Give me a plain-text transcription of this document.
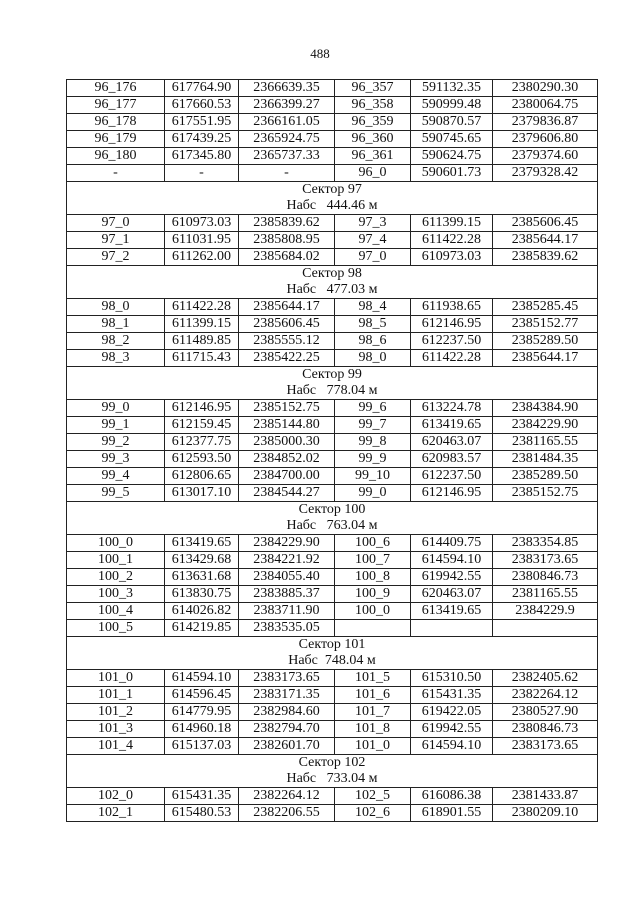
488
96_176	617764.90	2366639.35	96_357	591132.35	2380290.30
96_177	617660.53	2366399.27	96_358	590999.48	2380064.75
96_178	617551.95	2366161.05	96_359	590870.57	2379836.87
96_179	617439.25	2365924.75	96_360	590745.65	2379606.80
96_180	617345.80	2365737.33	96_361	590624.75	2379374.60
-	-	-	96_0	590601.73	2379328.42
Сектор 97					
Набс   444.46 м					
97_0	610973.03	2385839.62	97_3	611399.15	2385606.45
97_1	611031.95	2385808.95	97_4	611422.28	2385644.17
97_2	611262.00	2385684.02	97_0	610973.03	2385839.62
Сектор 98					
Набс   477.03 м					
98_0	611422.28	2385644.17	98_4	611938.65	2385285.45
98_1	611399.15	2385606.45	98_5	612146.95	2385152.77
98_2	611489.85	2385555.12	98_6	612237.50	2385289.50
98_3	611715.43	2385422.25	98_0	611422.28	2385644.17
Сектор 99					
Набс   778.04 м					
99_0	612146.95	2385152.75	99_6	613224.78	2384384.90
99_1	612159.45	2385144.80	99_7	613419.65	2384229.90
99_2	612377.75	2385000.30	99_8	620463.07	2381165.55
99_3	612593.50	2384852.02	99_9	620983.57	2381484.35
99_4	612806.65	2384700.00	99_10	612237.50	2385289.50
99_5	613017.10	2384544.27	99_0	612146.95	2385152.75
Сектор 100					
Набс   763.04 м					
100_0	613419.65	2384229.90	100_6	614409.75	2383354.85
100_1	613429.68	2384221.92	100_7	614594.10	2383173.65
100_2	613631.68	2384055.40	100_8	619942.55	2380846.73
100_3	613830.75	2383885.37	100_9	620463.07	2381165.55
100_4	614026.82	2383711.90	100_0	613419.65	2384229.9
100_5	614219.85	2383535.05			
Сектор 101					
Набс  748.04 м					
101_0	614594.10	2383173.65	101_5	615310.50	2382405.62
101_1	614596.45	2383171.35	101_6	615431.35	2382264.12
101_2	614779.95	2382984.60	101_7	619422.05	2380527.90
101_3	614960.18	2382794.70	101_8	619942.55	2380846.73
101_4	615137.03	2382601.70	101_0	614594.10	2383173.65
Сектор 102					
Набс   733.04 м					
102_0	615431.35	2382264.12	102_5	616086.38	2381433.87
102_1	615480.53	2382206.55	102_6	618901.55	2380209.10
